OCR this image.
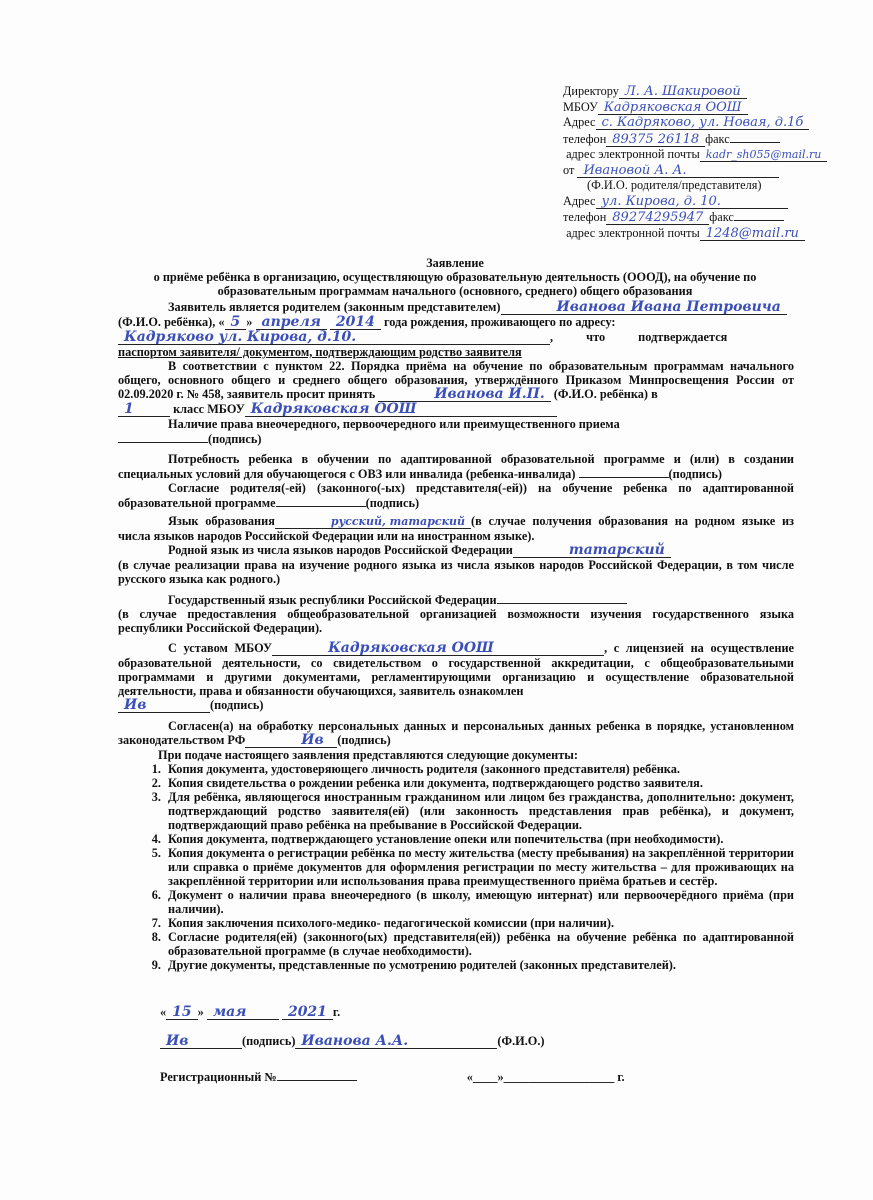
Директору Л. А. Шакировой
МБОУ Кадряковская ООШ
Адрес с. Кадряково, ул. Новая, д.1б
телефон 89375 26118 факс
адрес электронной почты kadr_sh055@mail.ru
от Ивановой А. А.
(Ф.И.О. родителя/представителя)
Адрес ул. Кирова, д. 10.
телефон 89274295947 факс
адрес электронной почты 1248@mail.ru
Заявление
о приёме ребёнка в организацию, осуществляющую образовательную деятельность (OOОД), на обучение по образовательным программам начального (основного, среднего) общего образования

Заявитель является родителем (законным представителем)	Иванова Ивана Петровича

(Ф.И.О. ребёнка), « 5 » апреля 2014 года рождения, проживающего по адресу:

Кадряково ул. Кирова, д.10.	, что подтверждается

паспортом заявителя/ документом, подтверждающим родство заявителя

В соответствии с пунктом 22. Порядка приёма на обучение по образовательным программам начального общего, основного общего и среднего общего образования, утверждённого Приказом Минпросвещения России от 02.09.2020 г. № 458, заявитель просит принять	Иванова И.П. (Ф.И.О. ребёнка) в

1	класс МБОУ Кадряковская ООШ

Наличие права внеочередного, первоочередного или преимущественного приема

(подпись)

Потребность ребенка в обучении по адаптированной образовательной программе и (или) в создании специальных условий для обучающегося с ОВЗ или инвалида (ребенка-инвалида)	(подпись)

Согласие родителя(-ей) (законного(-ых) представителя(-ей)) на обучение ребенка по адаптированной образовательной программе	(подпись)

Язык образования	русский, татарский (в случае получения образования на родном языке из числа языков народов Российской Федерации или на иностранном языке).

Родной язык из числа языков народов Российской Федерации	татарский

(в случае реализации права на изучение родного языка из числа языков народов Российской Федерации, в том числе русского языка как родного.)

Государственный язык республики Российской Федерации

(в случае предоставления общеобразовательной организацией возможности изучения государственного языка республики Российской Федерации).

С уставом МБОУ	Кадряковская ООШ	, с лицензией на осуществление образовательной деятельности, со свидетельством о государственной аккредитации, с общеобразовательными программами и другими документами, регламентирующими организацию и осуществление образовательной деятельности, права и обязанности обучающихся, заявитель ознакомлен

Ив	(подпись)

Согласен(а) на обработку персональных данных и персональных данных ребенка в порядке, установленном законодательством РФ	Ив (подпись)

При подаче настоящего заявления представляются следующие документы:

1. Копия документа, удостоверяющего личность родителя (законного представителя) ребёнка.
2. Копия свидетельства о рождении ребенка или документа, подтверждающего родство заявителя.
3. Для ребёнка, являющегося иностранным гражданином или лицом без гражданства, дополнительно: документ, подтверждающий родство заявителя(ей) (или законность представления прав ребёнка), и документ, подтверждающий право ребёнка на пребывание в Российской Федерации.
4. Копия документа, подтверждающего установление опеки или попечительства (при необходимости).
5. Копия документа о регистрации ребёнка по месту жительства (месту пребывания) на закреплённой территории или справка о приёме документов для оформления регистрации по месту жительства – для проживающих на закреплённой территории или использования права преимущественного приёма братьев и сестёр.
6. Документ о наличии права внеочередного (в школу, имеющую интернат) или первоочерёдного приёма (при наличии).
7. Копия заключения психолого-медико- педагогической комиссии (при наличии).
8. Согласие родителя(ей) (законного(ых) представителя(ей)) ребёнка на обучение ребёнка по адаптированной образовательной программе (в случае необходимости).
9. Другие документы, представленные по усмотрению родителей (законных представителей).
« 15 » мая	2021 г.
Ив	(подпись) Иванова А.А.	(Ф.И.О.)
Регистрационный №	«____»__________________ г.
